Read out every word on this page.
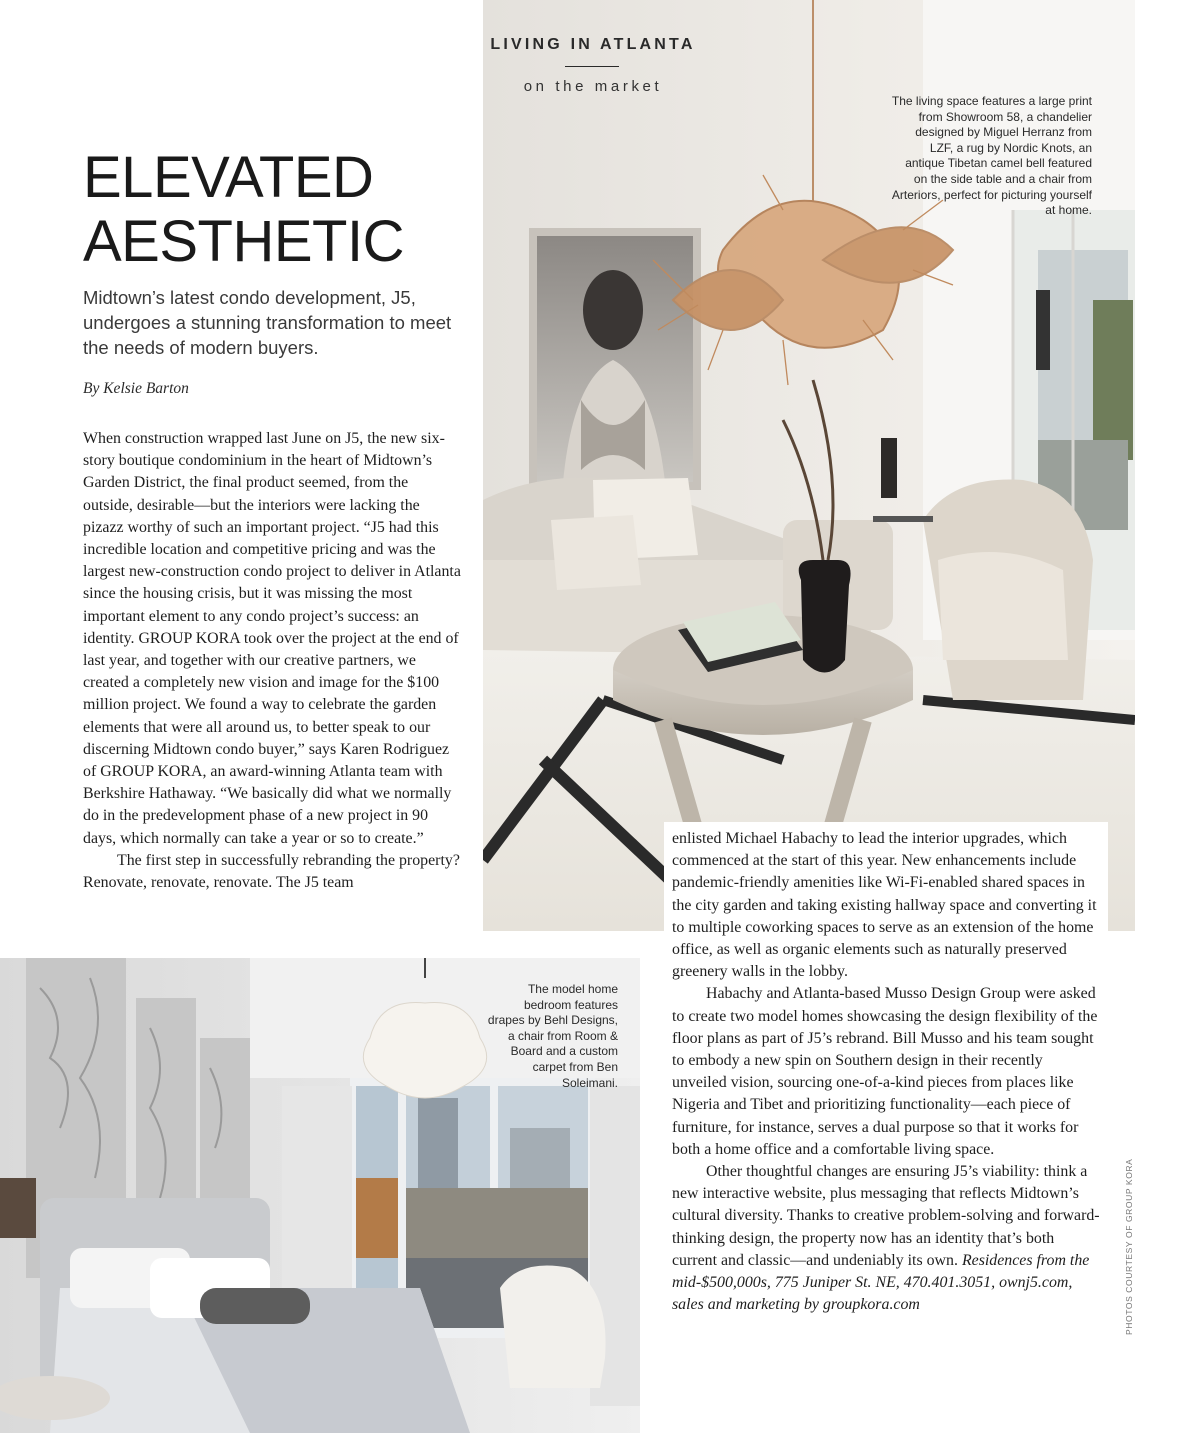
LIVING IN ATLANTA
on the market
ELEVATED
AESTHETIC
Midtown’s latest condo development, J5, undergoes a stunning transformation to meet the needs of modern buyers.
By Kelsie Barton

When construction wrapped last June on J5, the new six-story boutique condominium in the heart of Midtown’s Garden District, the final product seemed, from the outside, desirable—but the interiors were lacking the pizazz worthy of such an important project. “J5 had this incredible location and competitive pricing and was the largest new-construction condo project to deliver in Atlanta since the housing crisis, but it was missing the most important element to any condo project’s success: an identity. GROUP KORA took over the project at the end of last year, and together with our creative partners, we created a completely new vision and image for the $100 million project. We found a way to celebrate the garden elements that were all around us, to better speak to our discerning Midtown condo buyer,” says Karen Rodriguez of GROUP KORA, an award-winning Atlanta team with Berkshire Hathaway. “We basically did what we normally do in the predevelopment phase of a new project in 90 days, which normally can take a year or so to create.”

The first step in successfully rebranding the property? Renovate, renovate, renovate. The J5 team

enlisted Michael Habachy to lead the interior upgrades, which commenced at the start of this year. New enhancements include pandemic-friendly amenities like Wi-Fi-enabled shared spaces in the city garden and taking existing hallway space and converting it to multiple coworking spaces to serve as an extension of the home office, as well as organic elements such as naturally preserved greenery walls in the lobby.

Habachy and Atlanta-based Musso Design Group were asked to create two model homes showcasing the design flexibility of the floor plans as part of J5’s rebrand. Bill Musso and his team sought to embody a new spin on Southern design in their recently unveiled vision, sourcing one-of-a-kind pieces from places like Nigeria and Tibet and prioritizing functionality—each piece of furniture, for instance, serves a dual purpose so that it works for both a home office and a comfortable living space.

Other thoughtful changes are ensuring J5’s viability: think a new interactive website, plus messaging that reflects Midtown’s cultural diversity. Thanks to creative problem-solving and forward-thinking design, the property now has an identity that’s both current and classic—and undeniably its own. Residences from the mid-$500,000s, 775 Juniper St. NE, 470.401.3051, ownj5.com, sales and marketing by groupkora.com

The living space features a large print from Showroom 58, a chandelier designed by Miguel Herranz from LZF, a rug by Nordic Knots, an antique Tibetan camel bell featured on the side table and a chair from Arteriors, perfect for picturing yourself at home.
The model home bedroom features drapes by Behl Designs, a chair from Room & Board and a custom carpet from Ben Soleimani.
PHOTOS COURTESY OF GROUP KORA
